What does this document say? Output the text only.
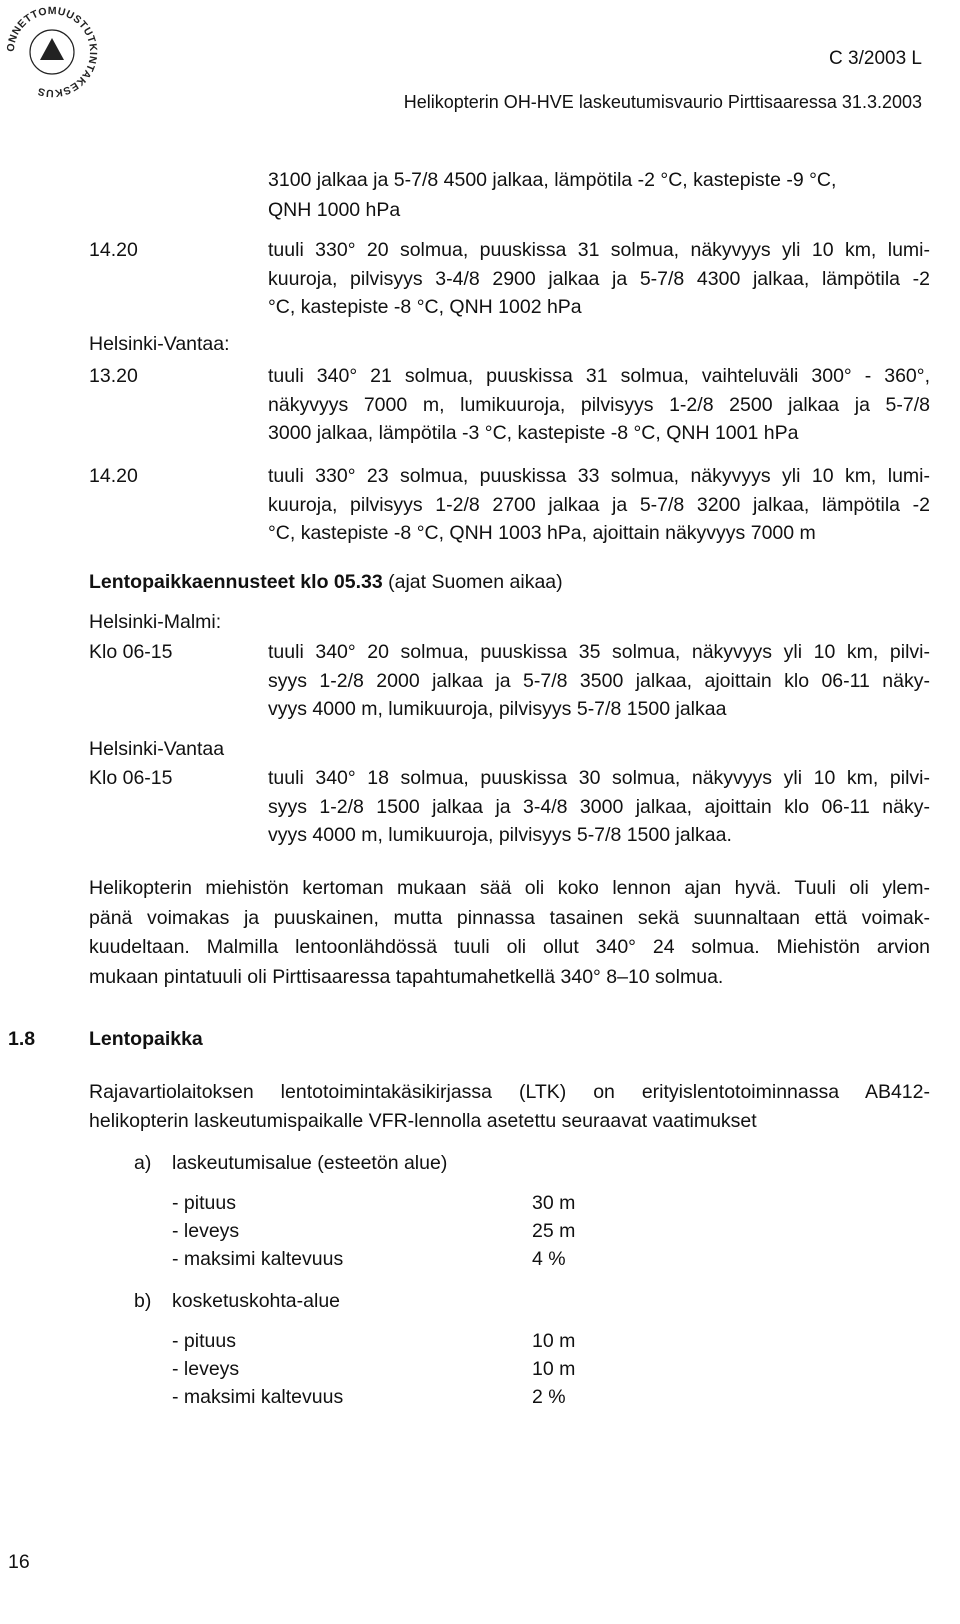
ONNETTOMUUSTUTKINTAKESKUS
C 3/2003 L
Helikopterin OH-HVE laskeutumisvaurio Pirttisaaressa 31.3.2003
3100 jalkaa ja 5-7/8 4500 jalkaa, lämpötila -2 °C, kastepiste -9 °C,
QNH 1000 hPa
14.20	tuuli 330° 20 solmua, puuskissa 31 solmua, näkyvyys yli 10 km, lumi-
kuuroja, pilvisyys 3-4/8 2900 jalkaa ja 5-7/8 4300 jalkaa, lämpötila -2
°C, kastepiste -8 °C, QNH 1002 hPa
Helsinki-Vantaa:
13.20	tuuli 340° 21 solmua, puuskissa 31 solmua, vaihteluväli 300° - 360°,
näkyvyys 7000 m, lumikuuroja, pilvisyys 1-2/8 2500 jalkaa ja 5-7/8
3000 jalkaa, lämpötila -3 °C, kastepiste -8 °C, QNH 1001 hPa
14.20	tuuli 330° 23 solmua, puuskissa 33 solmua, näkyvyys yli 10 km, lumi-
kuuroja, pilvisyys 1-2/8 2700 jalkaa ja 5-7/8 3200 jalkaa, lämpötila -2
°C, kastepiste -8 °C, QNH 1003 hPa, ajoittain näkyvyys 7000 m
Lentopaikkaennusteet klo 05.33 (ajat Suomen aikaa)
Helsinki-Malmi:
Klo 06-15	tuuli 340° 20 solmua, puuskissa 35 solmua, näkyvyys yli 10 km, pilvi-
syys 1-2/8 2000 jalkaa ja 5-7/8 3500 jalkaa, ajoittain klo 06-11 näky-
vyys 4000 m, lumikuuroja, pilvisyys 5-7/8 1500 jalkaa
Helsinki-Vantaa
Klo 06-15	tuuli 340° 18 solmua, puuskissa 30 solmua, näkyvyys yli 10 km, pilvi-
syys 1-2/8 1500 jalkaa ja 3-4/8 3000 jalkaa, ajoittain klo 06-11 näky-
vyys 4000 m, lumikuuroja, pilvisyys 5-7/8 1500 jalkaa.
Helikopterin miehistön kertoman mukaan sää oli koko lennon ajan hyvä. Tuuli oli ylem-
pänä voimakas ja puuskainen, mutta pinnassa tasainen sekä suunnaltaan että voimak-
kuudeltaan. Malmilla lentoonlähdössä tuuli oli ollut 340° 24 solmua. Miehistön arvion
mukaan pintatuuli oli Pirttisaaressa tapahtumahetkellä 340° 8–10 solmua.
1.8	Lentopaikka
Rajavartiolaitoksen lentotoimintakäsikirjassa (LTK) on erityislentotoiminnassa AB412-
helikopterin laskeutumispaikalle VFR-lennolla asetettu seuraavat vaatimukset
a) laskeutumisalue (esteetön alue)
- pituus	30 m
- leveys	25 m
- maksimi kaltevuus	4 %
b) kosketuskohta-alue
- pituus	10 m
- leveys	10 m
- maksimi kaltevuus	2 %
16
